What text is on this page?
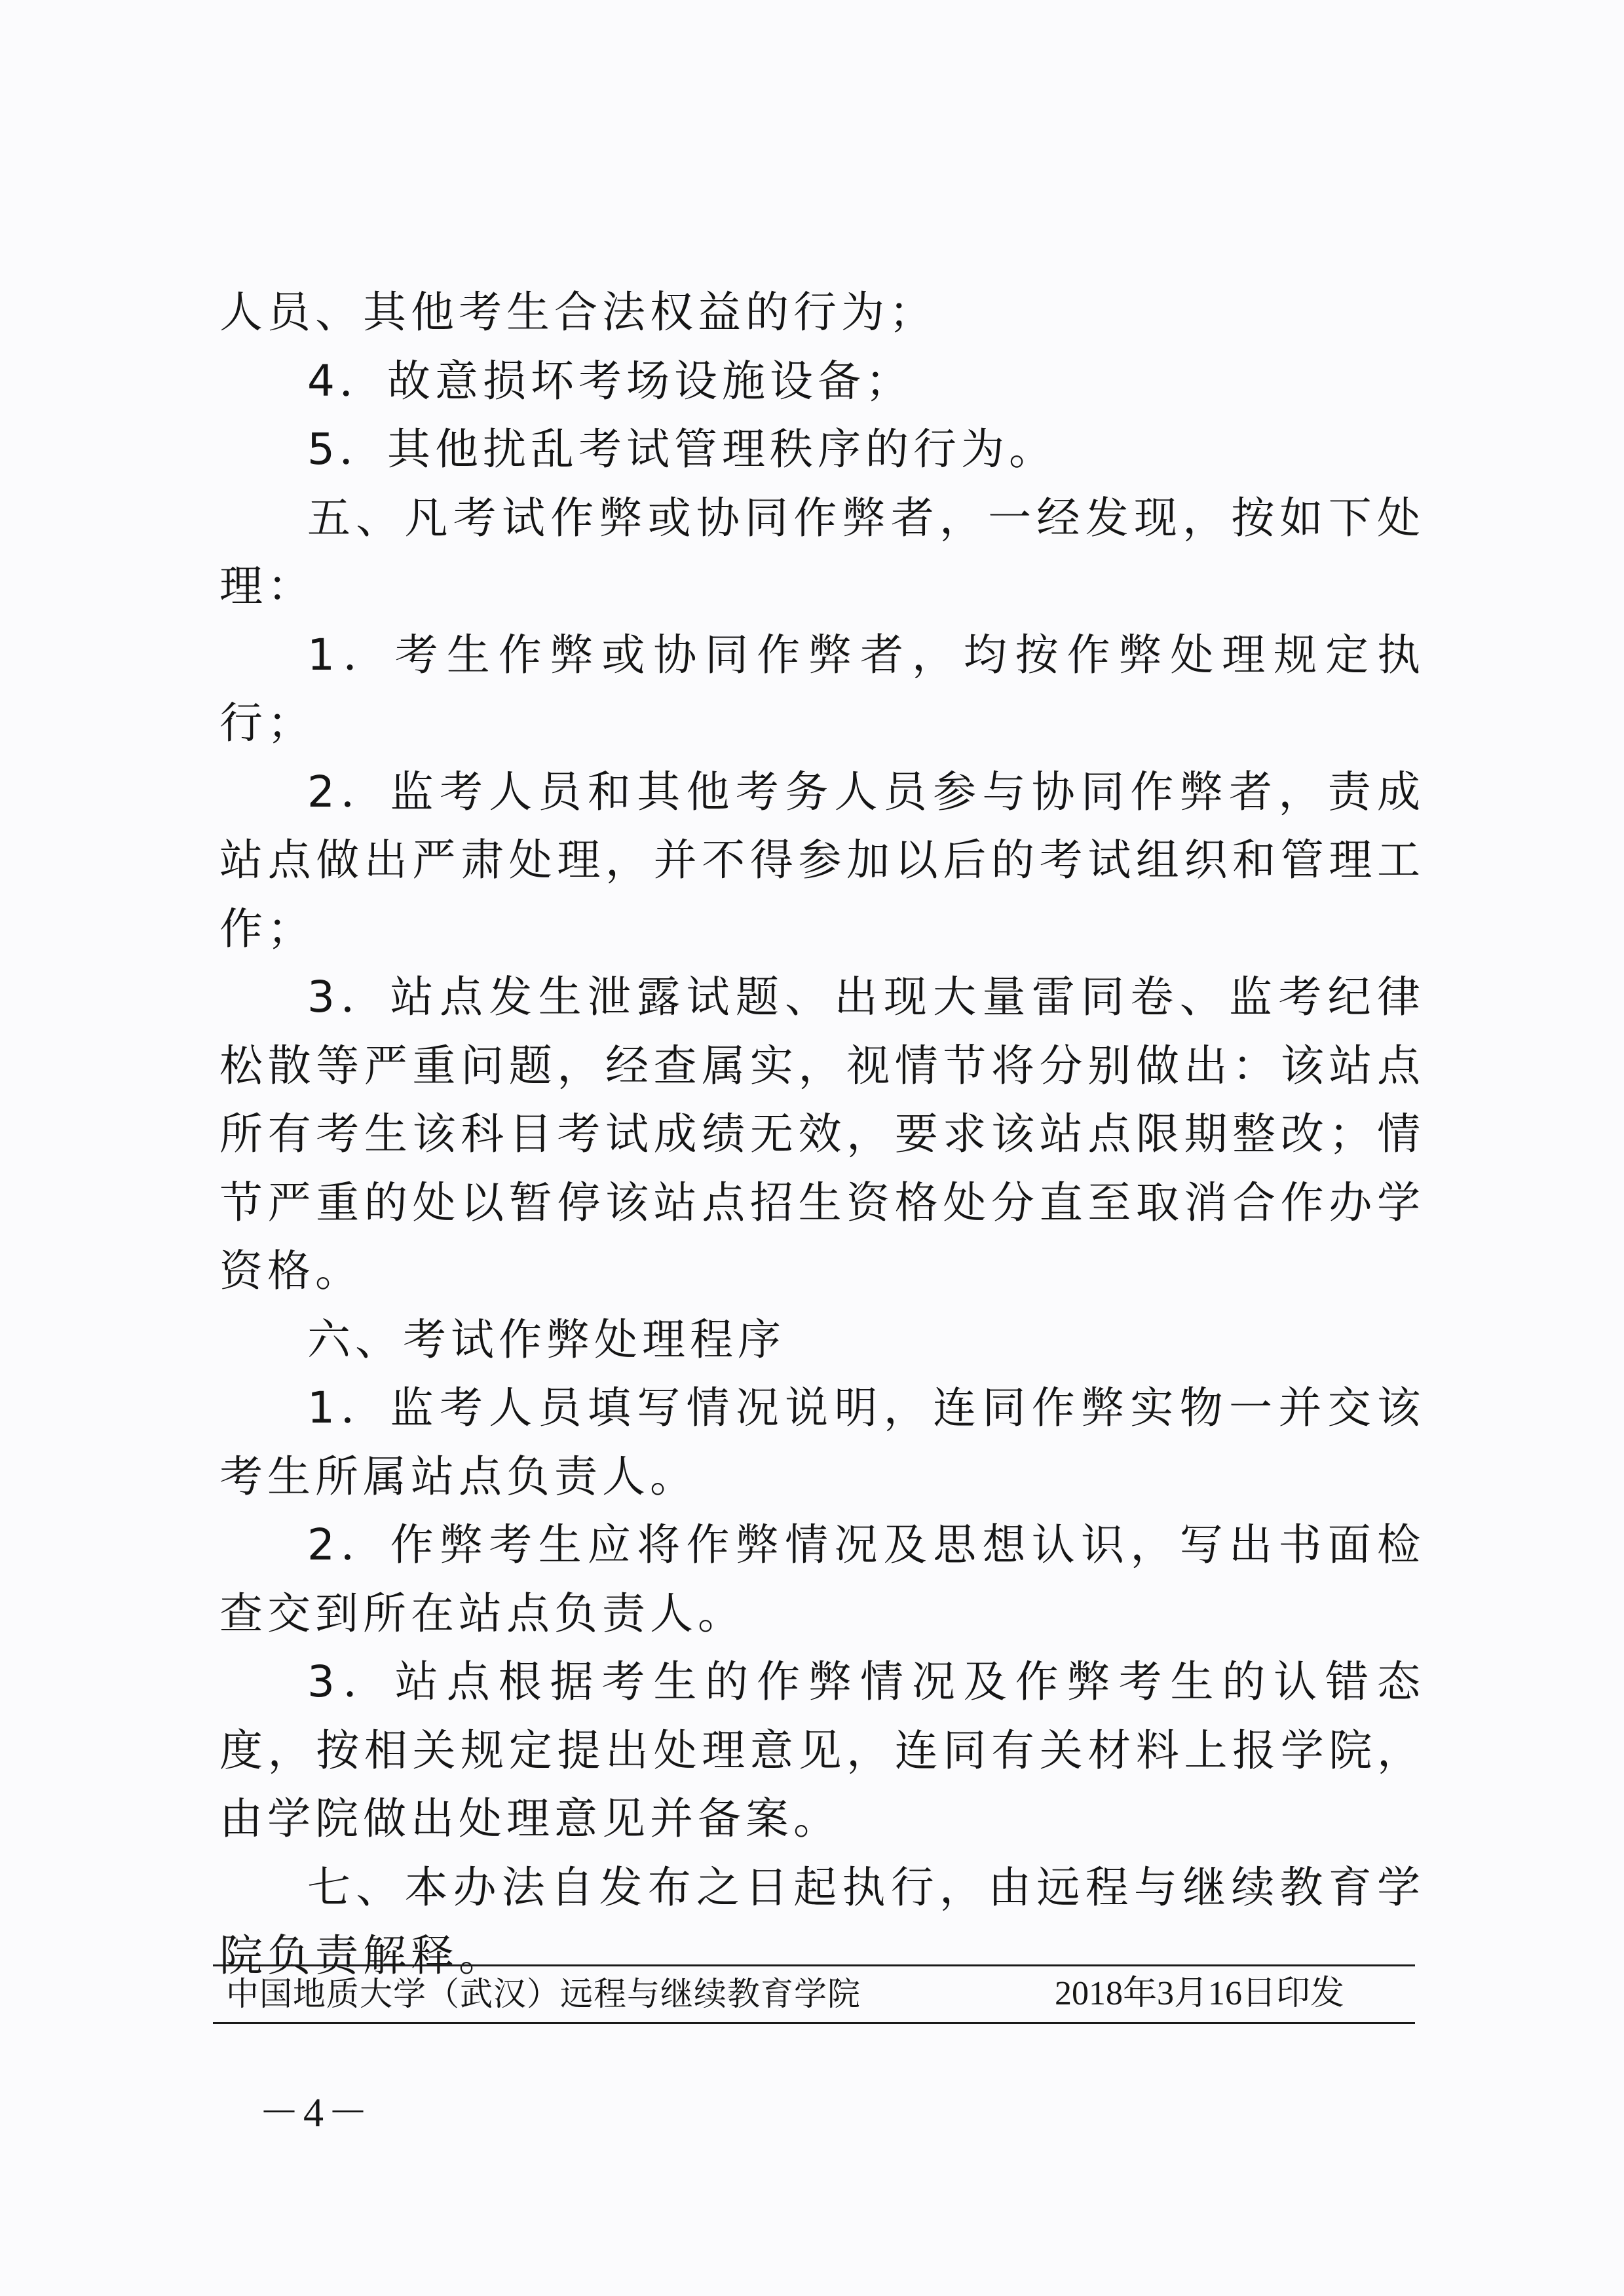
人员、其他考生合法权益的行为；

4．故意损坏考场设施设备；

5．其他扰乱考试管理秩序的行为。

五、凡考试作弊或协同作弊者，一经发现，按如下处理：

1．考生作弊或协同作弊者，均按作弊处理规定执行；

2．监考人员和其他考务人员参与协同作弊者，责成站点做出严肃处理，并不得参加以后的考试组织和管理工作；

3．站点发生泄露试题、出现大量雷同卷、监考纪律松散等严重问题，经查属实，视情节将分别做出：该站点所有考生该科目考试成绩无效，要求该站点限期整改；情节严重的处以暂停该站点招生资格处分直至取消合作办学资格。

六、考试作弊处理程序

1．监考人员填写情况说明，连同作弊实物一并交该考生所属站点负责人。

2．作弊考生应将作弊情况及思想认识，写出书面检查交到所在站点负责人。

3．站点根据考生的作弊情况及作弊考生的认错态度，按相关规定提出处理意见，连同有关材料上报学院，由学院做出处理意见并备案。

七、本办法自发布之日起执行，由远程与继续教育学院负责解释。

中国地质大学（武汉）远程与继续教育学院	2018年3月16日印发
－4－
